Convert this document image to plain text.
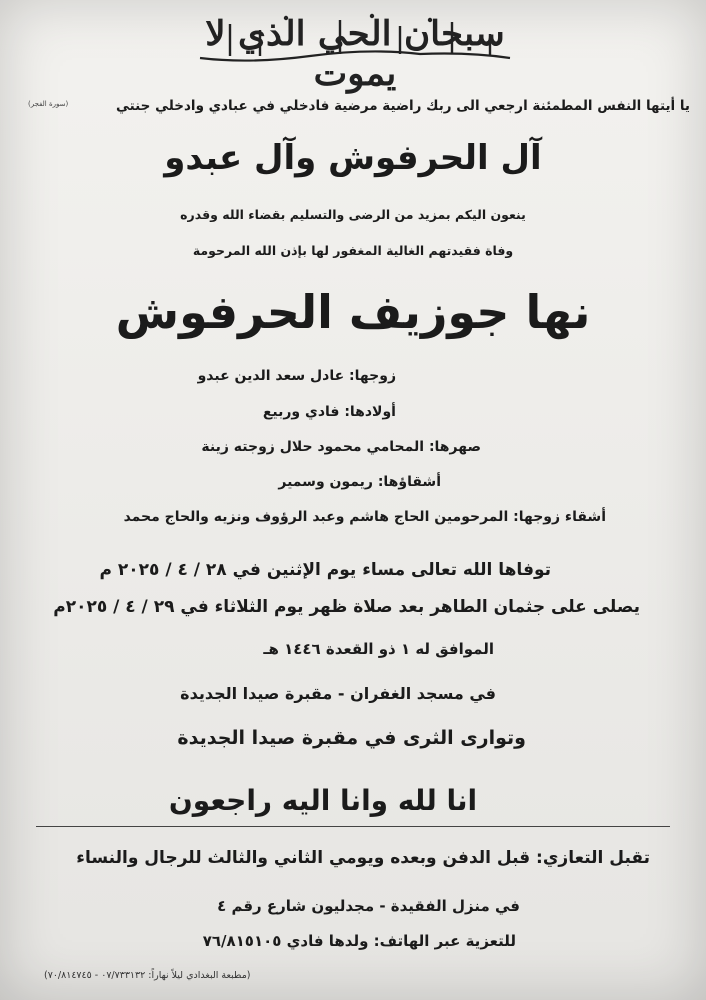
سبحان الحي الذي لا يموت
يا أيتها النفس المطمئنة ارجعي الى ربك راضية مرضية فادخلي في عبادي وادخلي جنتي
(سورة الفجر)
آل الحرفوش وآل عبدو
ينعون اليكم بمزيد من الرضى والتسليم بقضاء الله وقدره
وفاة فقيدتهم الغالية المغفور لها بإذن الله المرحومة
نها جوزيف الحرفوش
زوجها: عادل سعد الدين عبدو
أولادها: فادي وربيع
صهرها: المحامي محمود حلال زوجته زينة
أشقاؤها: ريمون وسمير
أشقاء زوجها: المرحومين الحاج هاشم وعبد الرؤوف ونزيه والحاج محمد
توفاها الله تعالى مساء يوم الإثنين في ٢٨ / ٤ / ٢٠٢٥ م
يصلى على جثمان الطاهر بعد صلاة ظهر يوم الثلاثاء في ٢٩ / ٤ / ٢٠٢٥م
الموافق له ١ ذو القعدة ١٤٤٦ هـ
في مسجد الغفران - مقبرة صيدا الجديدة
وتوارى الثرى في مقبرة صيدا الجديدة
انا لله وانا اليه راجعون
تقبل التعازي: قبل الدفن وبعده ويومي الثاني والثالث للرجال والنساء
في منزل الفقيدة - مجدليون شارع رقم ٤
للتعزية عبر الهاتف: ولدها فادي ٧٦/٨١٥١٠٥
(مطبعة البغدادي ليلاً نهاراً: ٠٧/٧٣٣١٣٢ - ٧٠/٨١٤٧٤٥)
